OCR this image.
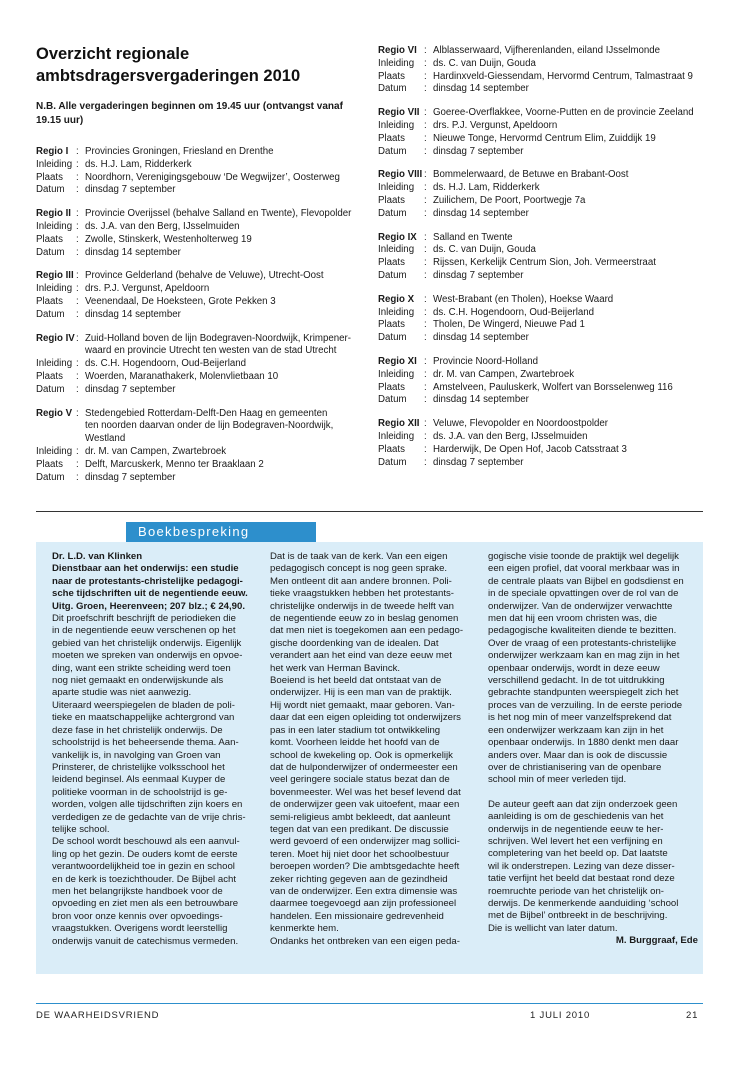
Overzicht regionale ambtsdragersvergaderingen 2010
N.B. Alle vergaderingen beginnen om 19.45 uur (ontvangst vanaf 19.15 uur)
Regio I : Provincies Groningen, Friesland en Drenthe
Inleiding : ds. H.J. Lam, Ridderkerk
Plaats	: Noordhorn, Verenigingsgebouw ‘De Wegwijzer’, Oosterweg
Datum	: dinsdag 7 september
Regio II : Provincie Overijssel (behalve Salland en Twente), Flevopolder
Inleiding : ds. J.A. van den Berg, IJsselmuiden
Plaats	: Zwolle, Stinskerk, Westenholterweg 19
Datum	: dinsdag 14 september
Regio III : Province Gelderland (behalve de Veluwe), Utrecht-Oost
Inleiding : drs. P.J. Vergunst, Apeldoorn
Plaats	: Veenendaal, De Hoeksteen, Grote Pekken 3
Datum	: dinsdag 14 september
Regio IV : Zuid-Holland boven de lijn Bodegraven-Noordwijk, Krimpener-
waard en provincie Utrecht ten westen van de stad Utrecht
Inleiding : ds. C.H. Hogendoorn, Oud-Beijerland
Plaats	: Woerden, Maranathakerk, Molenvlietbaan 10
Datum	: dinsdag 7 september
Regio V : Stedengebied Rotterdam-Delft-Den Haag en gemeenten
ten noorden daarvan onder de lijn Bodegraven-Noordwijk,
Westland
Inleiding : dr. M. van Campen, Zwartebroek
Plaats	: Delft, Marcuskerk, Menno ter Braaklaan 2
Datum	: dinsdag 7 september
Regio VI : Alblasserwaard, Vijfherenlanden, eiland IJsselmonde
Inleiding	: ds. C. van Duijn, Gouda
Plaats	: Hardinxveld-Giessendam, Hervormd Centrum, Talmastraat 9
Datum	: dinsdag 14 september
Regio VII : Goeree-Overflakkee, Voorne-Putten en de provincie Zeeland
Inleiding	: drs. P.J. Vergunst, Apeldoorn
Plaats	: Nieuwe Tonge, Hervormd Centrum Elim, Zuiddijk 19
Datum	: dinsdag 7 september
Regio VIII : Bommelerwaard, de Betuwe en Brabant-Oost
Inleiding	: ds. H.J. Lam, Ridderkerk
Plaats	: Zuilichem, De Poort, Poortwegje 7a
Datum	: dinsdag 14 september
Regio IX : Salland en Twente
Inleiding	: ds. C. van Duijn, Gouda
Plaats	: Rijssen, Kerkelijk Centrum Sion, Joh. Vermeerstraat
Datum	: dinsdag 7 september
Regio X	: West-Brabant (en Tholen), Hoekse Waard
Inleiding	: ds. C.H. Hogendoorn, Oud-Beijerland
Plaats	: Tholen, De Wingerd, Nieuwe Pad 1
Datum	: dinsdag 14 september
Regio XI : Provincie Noord-Holland
Inleiding	: dr. M. van Campen, Zwartebroek
Plaats	: Amstelveen, Pauluskerk, Wolfert van Borsselenweg 116
Datum	: dinsdag 14 september
Regio XII : Veluwe, Flevopolder en Noordoostpolder
Inleiding	: ds. J.A. van den Berg, IJsselmuiden
Plaats	: Harderwijk, De Open Hof, Jacob Catsstraat 3
Datum	: dinsdag 7 september
Boekbespreking

Dr. L.D. van Klinken
Dienstbaar aan het onderwijs: een studie
naar de protestants-christelijke pedagogi-
sche tijdschriften uit de negentiende eeuw.
Uitg. Groen, Heerenveen; 207 blz.; € 24,90.

Dit proefschrift beschrijft de periodieken die
in de negentiende eeuw verschenen op het
gebied van het christelijk onderwijs. Eigenlijk
moeten we spreken van onderwijs en opvoe-
ding, want een strikte scheiding werd toen
nog niet gemaakt en onderwijskunde als
aparte studie was niet aanwezig.
Uiteraard weerspiegelen de bladen de poli-
tieke en maatschappelijke achtergrond van
deze fase in het christelijk onderwijs. De
schoolstrijd is het beheersende thema. Aan-
vankelijk is, in navolging van Groen van
Prinsterer, de christelijke volksschool het
leidend beginsel. Als eenmaal Kuyper de
politieke voorman in de schoolstrijd is ge-
worden, volgen alle tijdschriften zijn koers en
verdedigen ze de gedachte van de vrije chris-
telijke school.
De school wordt beschouwd als een aanvul-
ling op het gezin. De ouders komt de eerste
verantwoordelijkheid toe in gezin en school
en de kerk is toezichthouder. De Bijbel acht
men het belangrijkste handboek voor de
opvoeding en ziet men als een betrouwbare
bron voor onze kennis over opvoedings-
vraagstukken. Overigens wordt leerstellig
onderwijs vanuit de catechismus vermeden.

Dat is de taak van de kerk. Van een eigen
pedagogisch concept is nog geen sprake.
Men ontleent dit aan andere bronnen. Poli-
tieke vraagstukken hebben het protestants-
christelijke onderwijs in de tweede helft van
de negentiende eeuw zo in beslag genomen
dat men niet is toegekomen aan een pedago-
gische doordenking van de idealen. Dat
verandert aan het eind van deze eeuw met
het werk van Herman Bavinck.
Boeiend is het beeld dat ontstaat van de
onderwijzer. Hij is een man van de praktijk.
Hij wordt niet gemaakt, maar geboren. Van-
daar dat een eigen opleiding tot onderwijzers
pas in een later stadium tot ontwikkeling
komt. Voorheen leidde het hoofd van de
school de kwekeling op. Ook is opmerkelijk
dat de hulponderwijzer of ondermeester een
veel geringere sociale status bezat dan de
bovenmeester. Wel was het besef levend dat
de onderwijzer geen vak uitoefent, maar een
semi-religieus ambt bekleedt, dat aanleunt
tegen dat van een predikant. De discussie
werd gevoerd of een onderwijzer mag sollici-
teren. Moet hij niet door het schoolbestuur
beroepen worden? Die ambtsgedachte heeft
zeker richting gegeven aan de gezindheid
van de onderwijzer. Een extra dimensie was
daarmee toegevoegd aan zijn professioneel
handelen. Een missionaire gedrevenheid
kenmerkte hem.
Ondanks het ontbreken van een eigen peda-

gogische visie toonde de praktijk wel degelijk
een eigen profiel, dat vooral merkbaar was in
de centrale plaats van Bijbel en godsdienst en
in de speciale opvattingen over de rol van de
onderwijzer. Van de onderwijzer verwachtte
men dat hij een vroom christen was, die
pedagogische kwaliteiten diende te bezitten.
Over de vraag of een protestants-christelijke
onderwijzer werkzaam kan en mag zijn in het
openbaar onderwijs, wordt in deze eeuw
verschillend gedacht. In de tot uitdrukking
gebrachte standpunten weerspiegelt zich het
proces van de verzuiling. In de eerste periode
is het nog min of meer vanzelfsprekend dat
een onderwijzer werkzaam kan zijn in het
openbaar onderwijs. In 1880 denkt men daar
anders over. Maar dan is ook de discussie
over de christianisering van de openbare
school min of meer verleden tijd.

De auteur geeft aan dat zijn onderzoek geen
aanleiding is om de geschiedenis van het
onderwijs in de negentiende eeuw te her-
schrijven. Wel levert het een verfijning en
completering van het beeld op. Dat laatste
wil ik onderstrepen. Lezing van deze disser-
tatie verfijnt het beeld dat bestaat rond deze
roemruchte periode van het christelijk on-
derwijs. De kenmerkende aanduiding ‘school
met de Bijbel’ ontbreekt in de beschrijving.
Die is wellicht van later datum.

M. Burggraaf, Ede

DE WAARHEIDSVRIEND	1 JULI 2010	21
